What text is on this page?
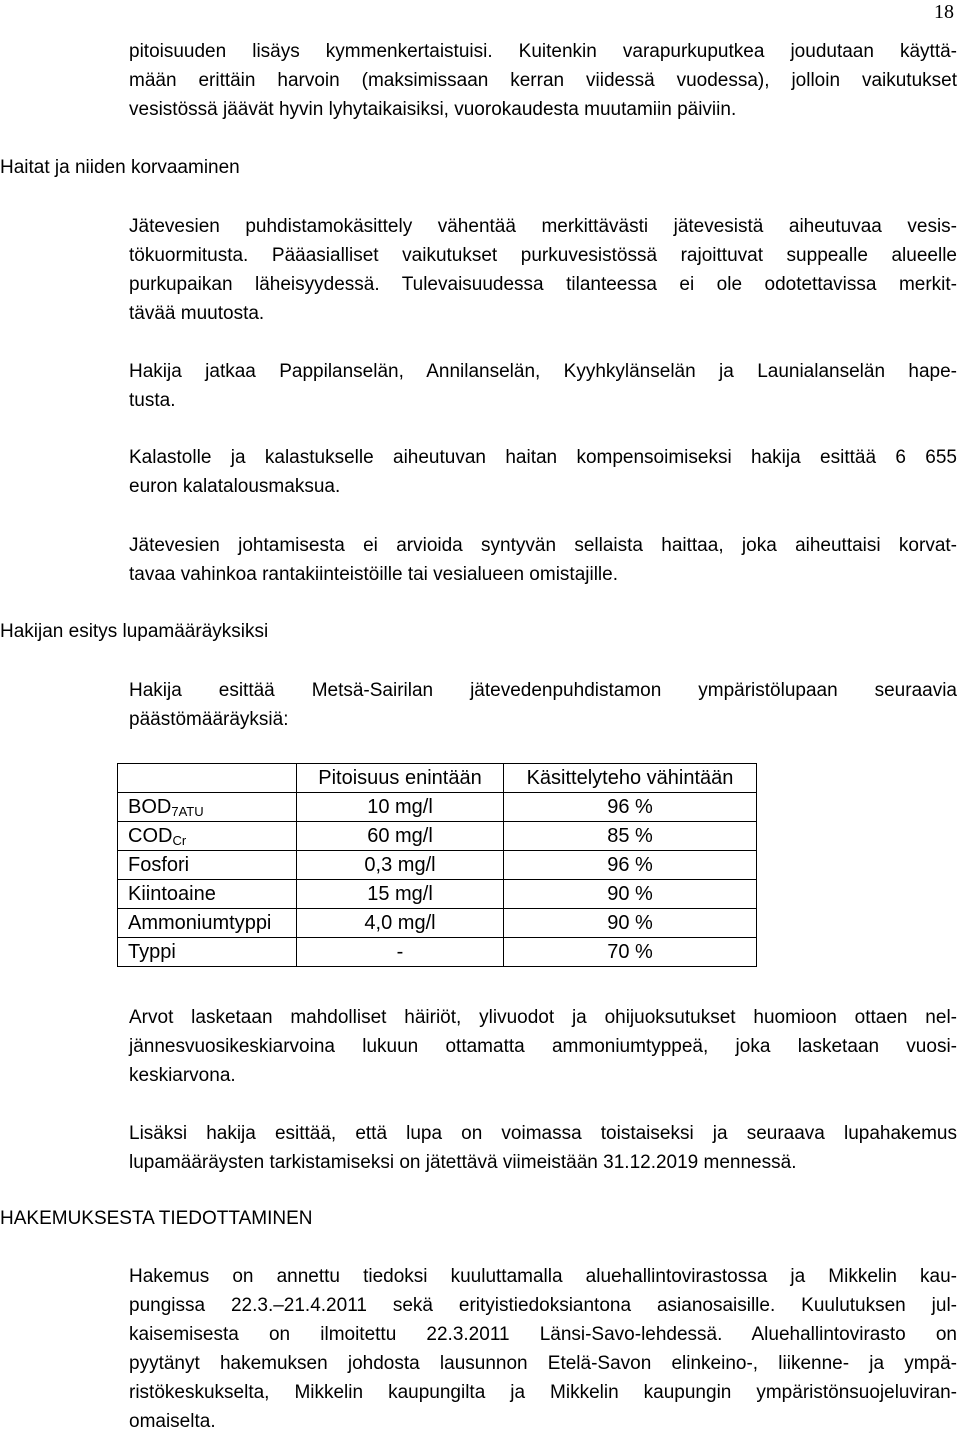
18
pitoisuuden lisäys kymmenkertaistuisi. Kuitenkin varapurkuputkea joudutaan käyttä-
mään erittäin harvoin (maksimissaan kerran viidessä vuodessa), jolloin vaikutukset
vesistössä jäävät hyvin lyhytaikaisiksi, vuorokaudesta muutamiin päiviin.
Haitat ja niiden korvaaminen
Jätevesien puhdistamokäsittely vähentää merkittävästi jätevesistä aiheutuvaa vesis-
tökuormitusta. Pääasialliset vaikutukset purkuvesistössä rajoittuvat suppealle alueelle
purkupaikan läheisyydessä. Tulevaisuudessa tilanteessa ei ole odotettavissa merkit-
tävää muutosta.
Hakija jatkaa Pappilanselän, Annilanselän, Kyyhkylänselän ja Launialanselän hape-
tusta.
Kalastolle ja kalastukselle aiheutuvan haitan kompensoimiseksi hakija esittää 6 655
euron kalatalousmaksua.
Jätevesien johtamisesta ei arvioida syntyvän sellaista haittaa, joka aiheuttaisi korvat-
tavaa vahinkoa rantakiinteistöille tai vesialueen omistajille.
Hakijan esitys lupamääräyksiksi
Hakija esittää Metsä-Sairilan jätevedenpuhdistamon ympäristölupaan seuraavia
päästömääräyksiä:
	Pitoisuus enintään	Käsittelyteho vähintään
$BOD_{7ATU}$	10 mg/l	96 %
$COD_{Cr}$	60 mg/l	85 %
Fosfori	0,3 mg/l	96 %
Kiintoaine	15 mg/l	90 %
Ammoniumtyppi	4,0 mg/l	90 %
Typpi	-	70 %
Arvot lasketaan mahdolliset häiriöt, ylivuodot ja ohijuoksutukset huomioon ottaen nel-
jännesvuosikeskiarvoina lukuun ottamatta ammoniumtyppeä, joka lasketaan vuosi-
keskiarvona.
Lisäksi hakija esittää, että lupa on voimassa toistaiseksi ja seuraava lupahakemus
lupamääräysten tarkistamiseksi on jätettävä viimeistään 31.12.2019 mennessä.
HAKEMUKSESTA TIEDOTTAMINEN
Hakemus on annettu tiedoksi kuuluttamalla aluehallintovirastossa ja Mikkelin kau-
pungissa 22.3.–21.4.2011 sekä erityistiedoksiantona asianosaisille. Kuulutuksen jul-
kaisemisesta on ilmoitettu 22.3.2011 Länsi-Savo-lehdessä. Aluehallintovirasto on
pyytänyt hakemuksen johdosta lausunnon Etelä-Savon elinkeino-, liikenne- ja ympä-
ristökeskukselta, Mikkelin kaupungilta ja Mikkelin kaupungin ympäristönsuojeluviran-
omaiselta.
